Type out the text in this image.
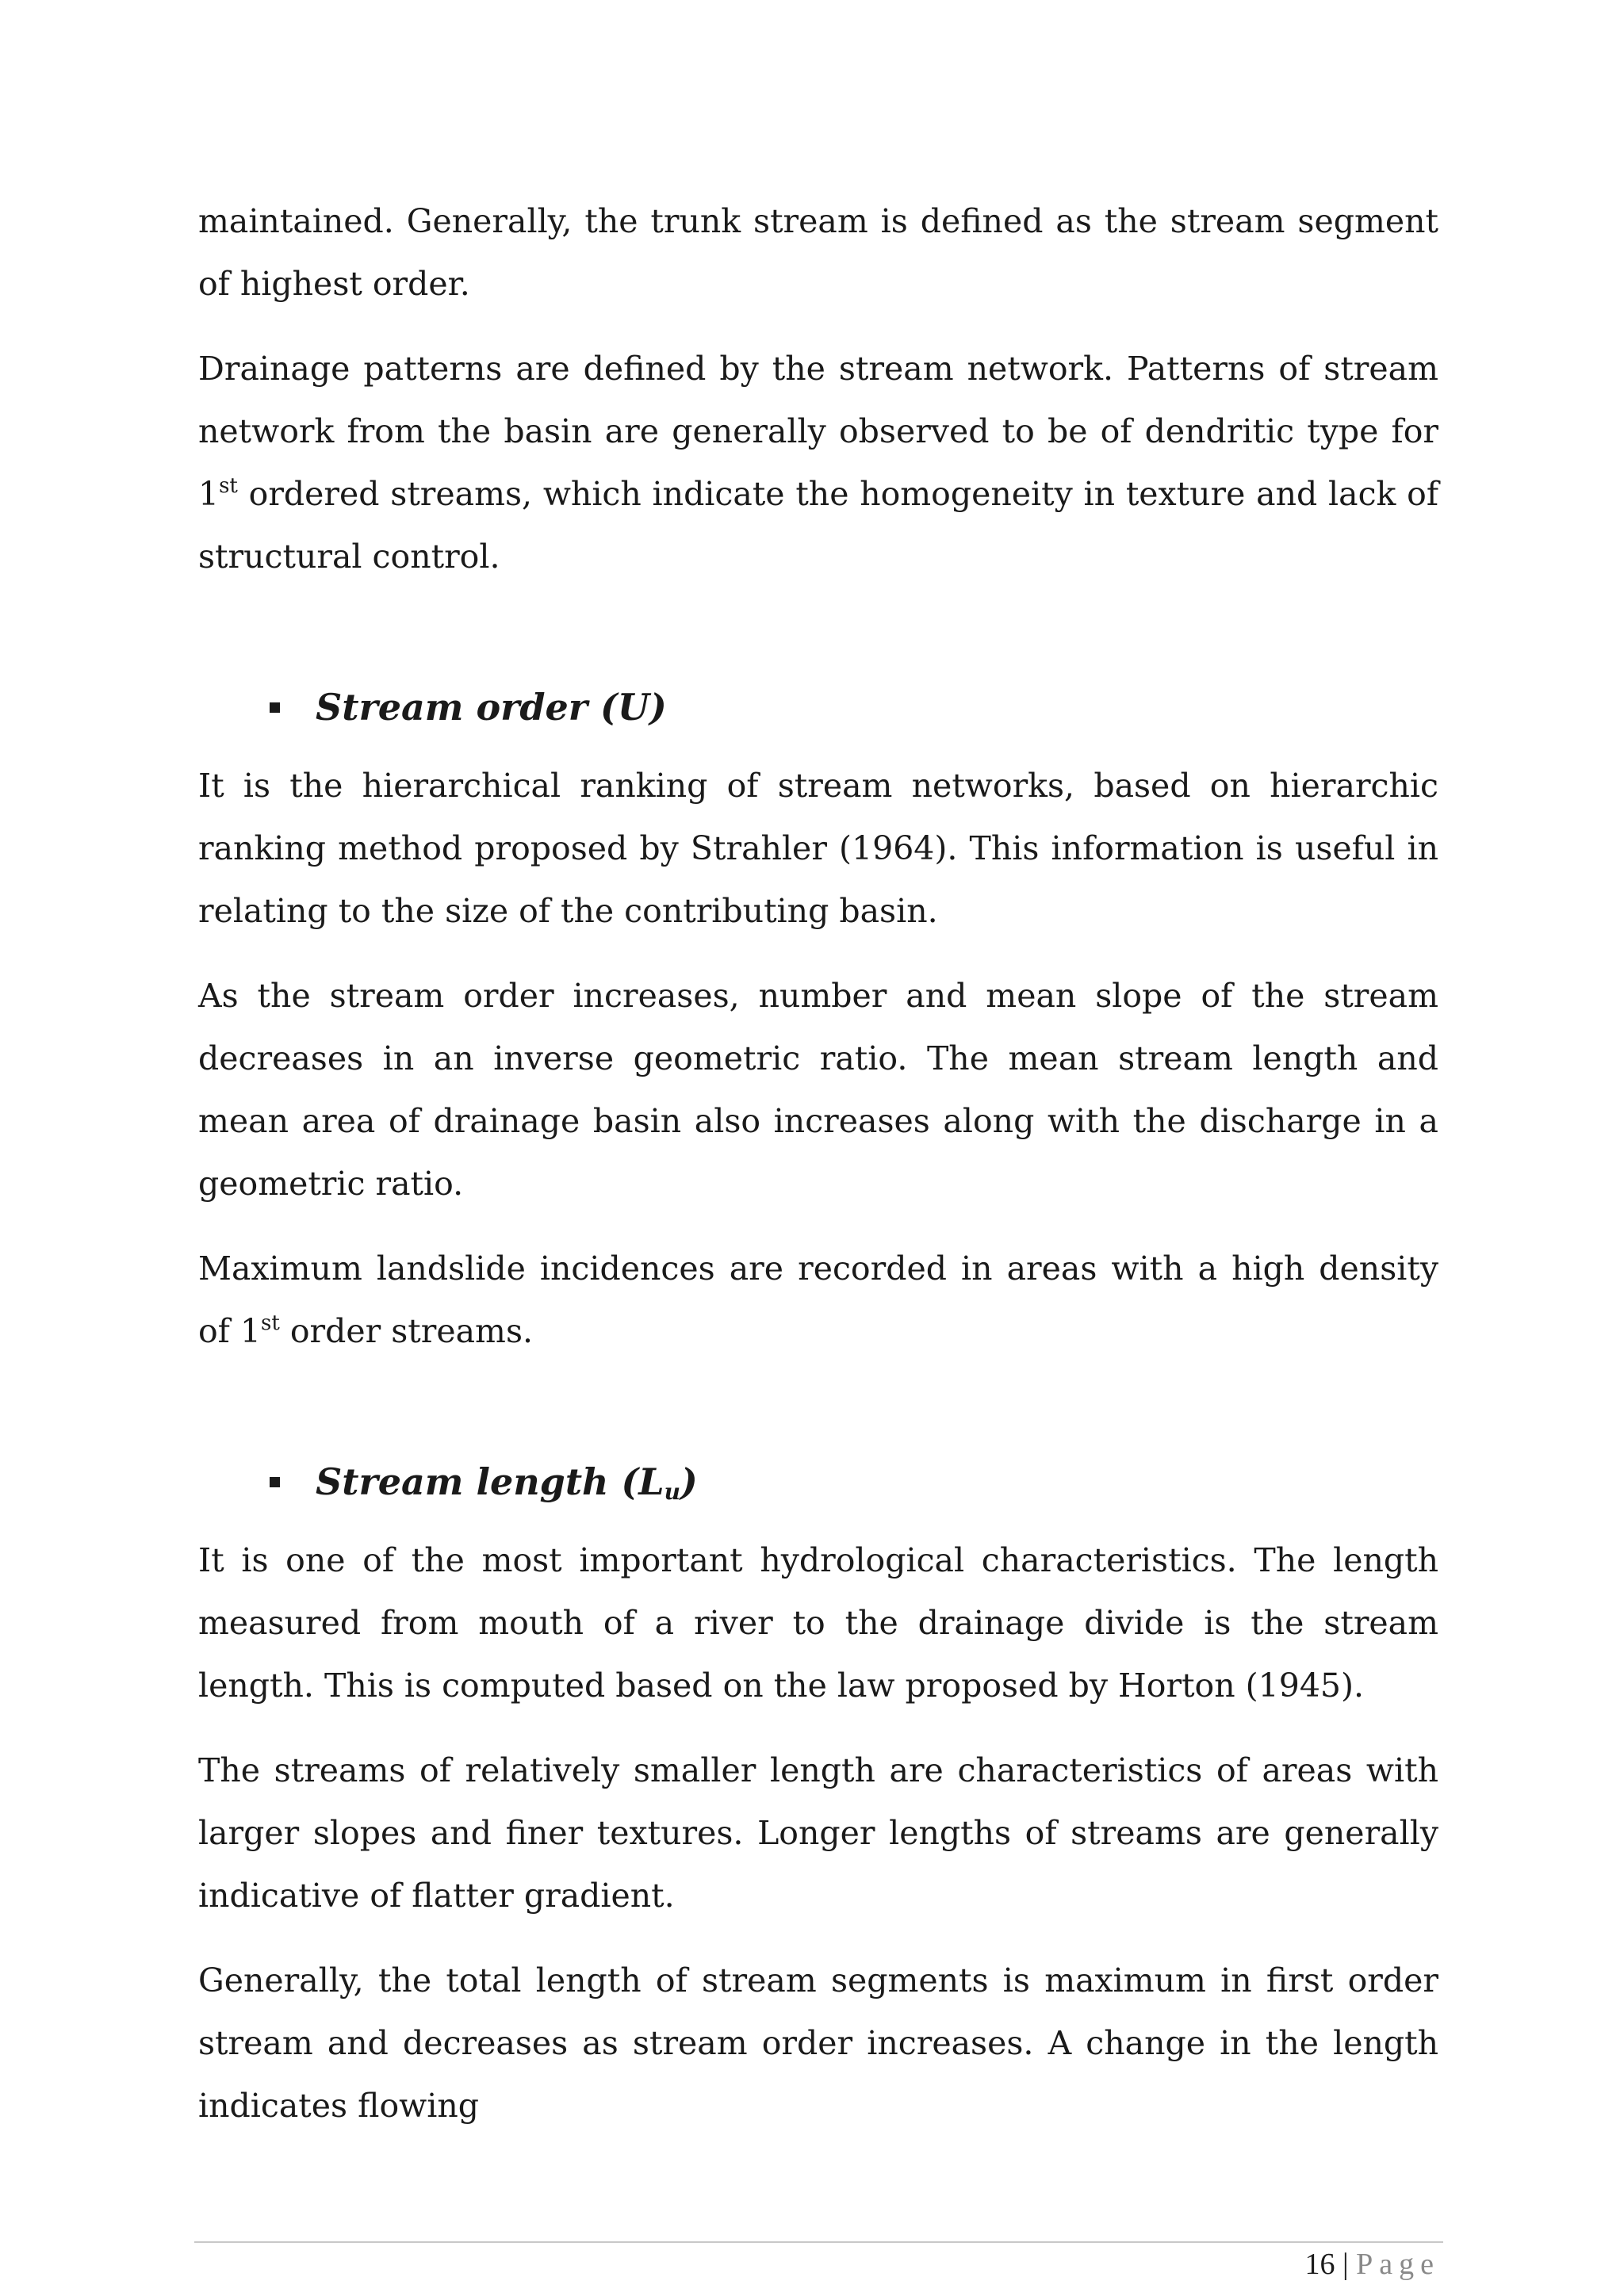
maintained. Generally, the trunk stream is defined as the stream segment of highest order.

Drainage patterns are defined by the stream network. Patterns of stream network from the basin are generally observed to be of dendritic type for 1st ordered streams, which indicate the homogeneity in texture and lack of structural control.

Stream order (U)

It is the hierarchical ranking of stream networks, based on hierarchic ranking method proposed by Strahler (1964). This information is useful in relating to the size of the contributing basin.

As the stream order increases, number and mean slope of the stream decreases in an inverse geometric ratio. The mean stream length and mean area of drainage basin also increases along with the discharge in a geometric ratio.

Maximum landslide incidences are recorded in areas with a high density of 1st order streams.

Stream length $(L_u)$

It is one of the most important hydrological characteristics. The length measured from mouth of a river to the drainage divide is the stream length. This is computed based on the law proposed by Horton (1945).

The streams of relatively smaller length are characteristics of areas with larger slopes and finer textures. Longer lengths of streams are generally indicative of flatter gradient.

Generally, the total length of stream segments is maximum in first order stream and decreases as stream order increases. A change in the length indicates flowing

16 | Page
